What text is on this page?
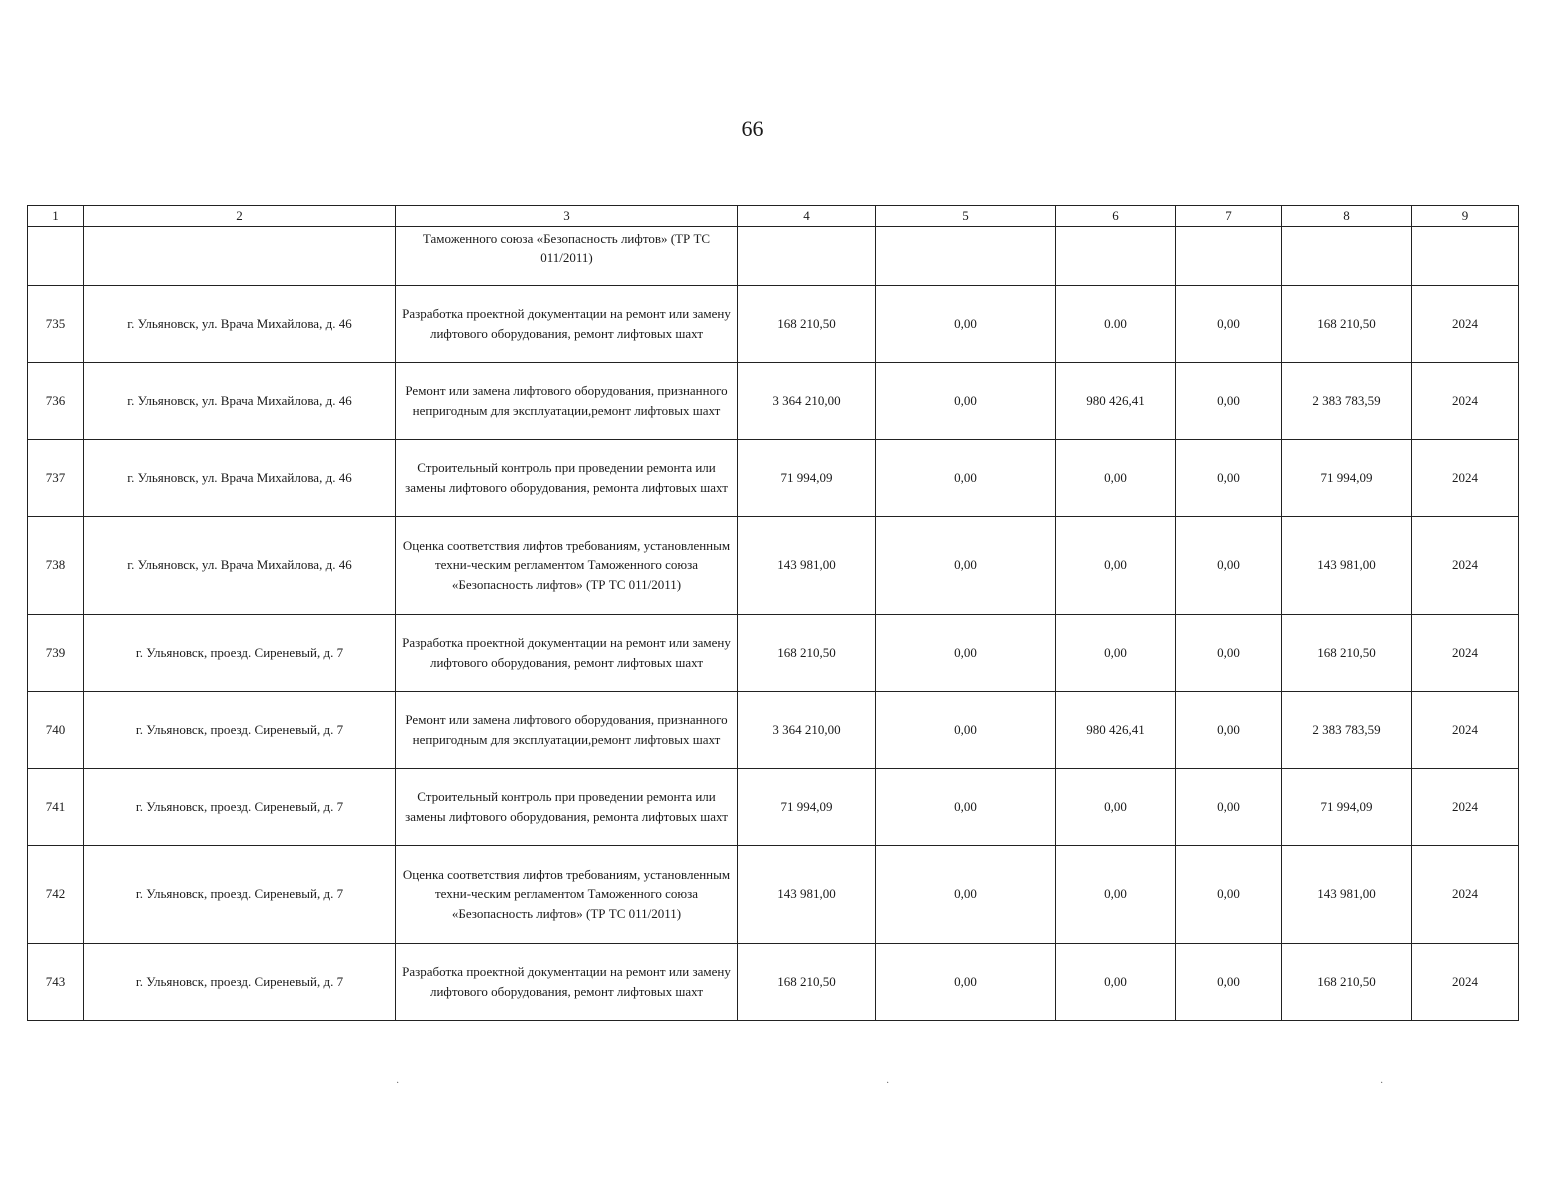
66
1	2	3	4	5	6	7	8	9
		Таможенного союза «Безопасность лифтов» (ТР ТС 011/2011)						
735	г. Ульяновск, ул. Врача Михайлова, д. 46	Разработка проектной документации на ремонт или замену лифтового оборудования, ремонт лифтовых шахт	168 210,50	0,00	0.00	0,00	168 210,50	2024
736	г. Ульяновск, ул. Врача Михайлова, д. 46	Ремонт или замена лифтового оборудования, признанного непригодным для эксплуатации,ремонт лифтовых шахт	3 364 210,00	0,00	980 426,41	0,00	2 383 783,59	2024
737	г. Ульяновск, ул. Врача Михайлова, д. 46	Строительный контроль при проведении ремонта или замены лифтового оборудования, ремонта лифтовых шахт	71 994,09	0,00	0,00	0,00	71 994,09	2024
738	г. Ульяновск, ул. Врача Михайлова, д. 46	Оценка соответствия лифтов требованиям, установленным техни-ческим регламентом Таможенного союза «Безопасность лифтов» (ТР ТС 011/2011)	143 981,00	0,00	0,00	0,00	143 981,00	2024
739	г. Ульяновск, проезд. Сиреневый, д. 7	Разработка проектной документации на ремонт или замену лифтового оборудования, ремонт лифтовых шахт	168 210,50	0,00	0,00	0,00	168 210,50	2024
740	г. Ульяновск, проезд. Сиреневый, д. 7	Ремонт или замена лифтового оборудования, признанного непригодным для эксплуатации,ремонт лифтовых шахт	3 364 210,00	0,00	980 426,41	0,00	2 383 783,59	2024
741	г. Ульяновск, проезд. Сиреневый, д. 7	Строительный контроль при проведении ремонта или замены лифтового оборудования, ремонта лифтовых шахт	71 994,09	0,00	0,00	0,00	71 994,09	2024
742	г. Ульяновск, проезд. Сиреневый, д. 7	Оценка соответствия лифтов требованиям, установленным техни-ческим регламентом Таможенного союза «Безопасность лифтов» (ТР ТС 011/2011)	143 981,00	0,00	0,00	0,00	143 981,00	2024
743	г. Ульяновск, проезд. Сиреневый, д. 7	Разработка проектной документации на ремонт или замену лифтового оборудования, ремонт лифтовых шахт	168 210,50	0,00	0,00	0,00	168 210,50	2024
·	·	·
